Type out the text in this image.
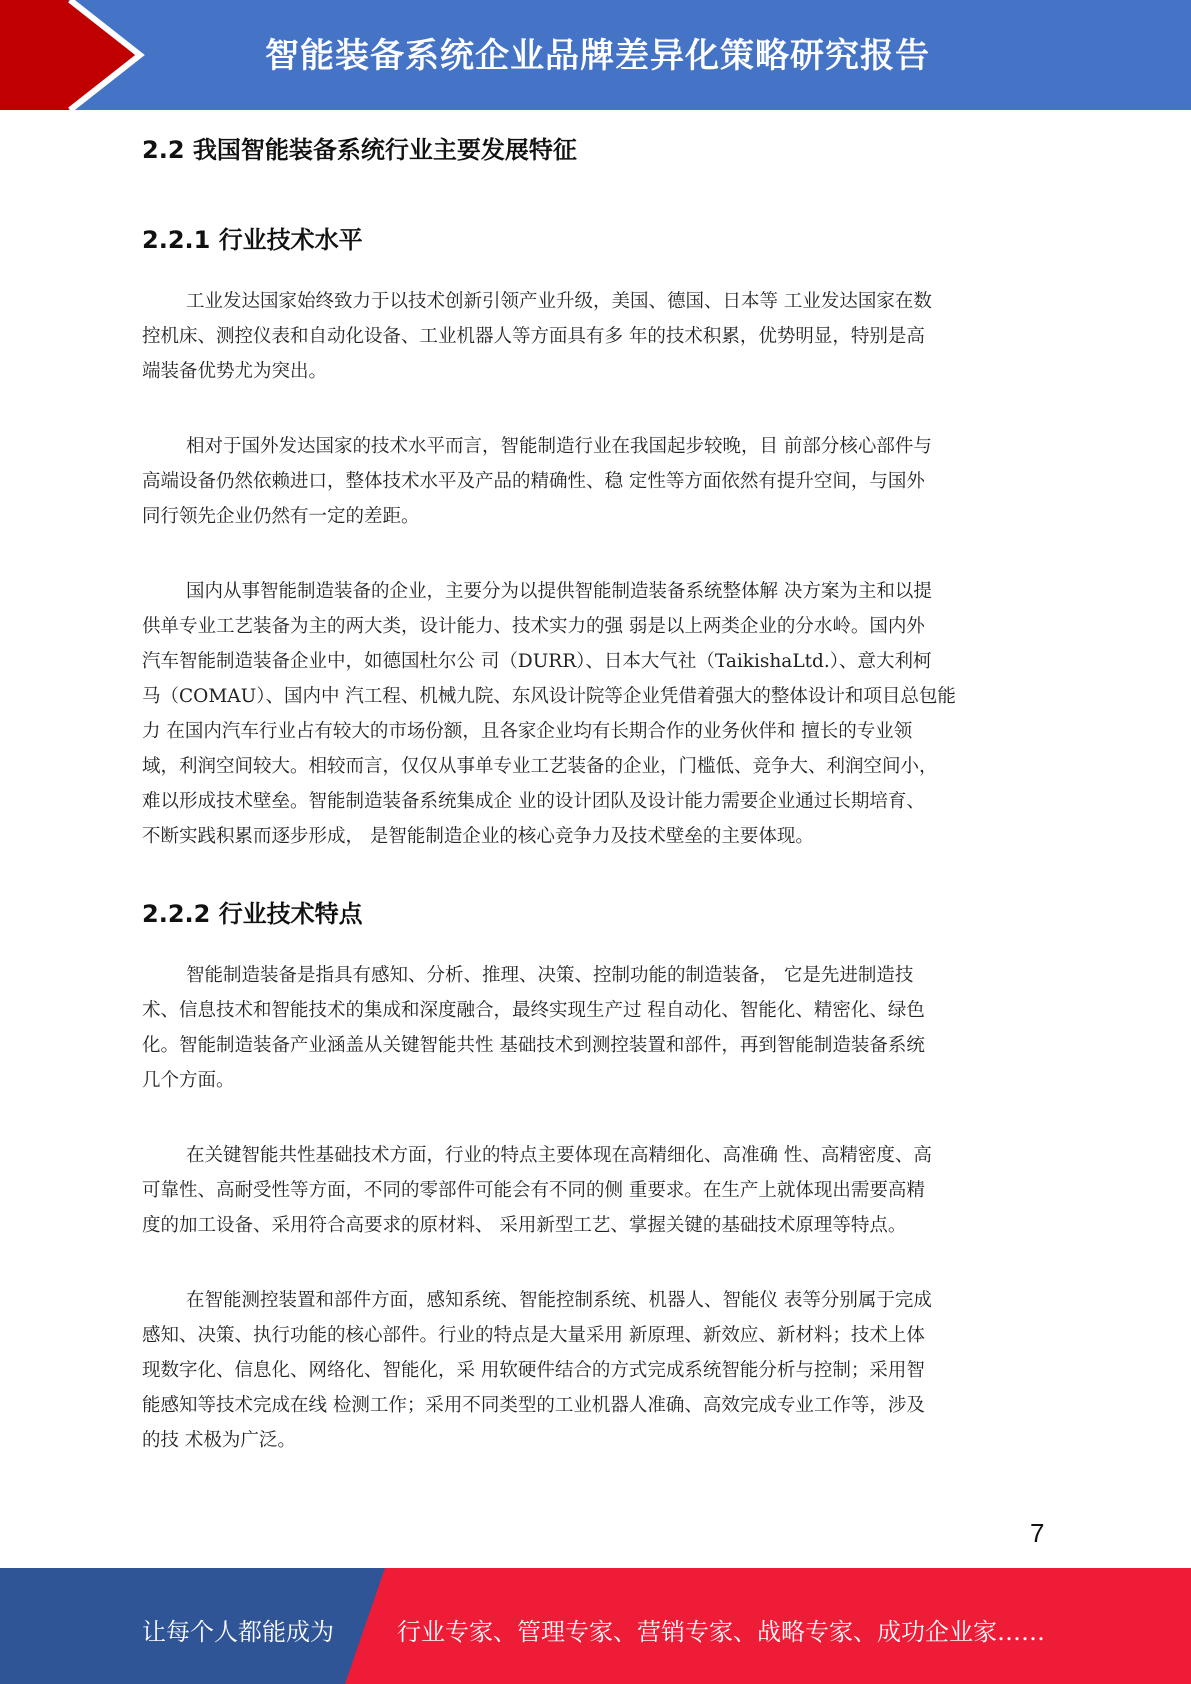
智能装备系统企业品牌差异化策略研究报告
2.2 我国智能装备系统行业主要发展特征
2.2.1 行业技术水平
工业发达国家始终致力于以技术创新引领产业升级，美国、德国、日本等 工业发达国家在数
控机床、测控仪表和自动化设备、工业机器人等方面具有多 年的技术积累，优势明显，特别是高
端装备优势尤为突出。
相对于国外发达国家的技术水平而言，智能制造行业在我国起步较晚，目 前部分核心部件与
高端设备仍然依赖进口，整体技术水平及产品的精确性、稳 定性等方面依然有提升空间，与国外
同行领先企业仍然有一定的差距。
国内从事智能制造装备的企业，主要分为以提供智能制造装备系统整体解 决方案为主和以提
供单专业工艺装备为主的两大类，设计能力、技术实力的强 弱是以上两类企业的分水岭。国内外
汽车智能制造装备企业中，如德国杜尔公 司（DURR）、日本大气社（TaikishaLtd.）、意大利柯
马（COMAU）、国内中 汽工程、机械九院、东风设计院等企业凭借着强大的整体设计和项目总包能
力 在国内汽车行业占有较大的市场份额，且各家企业均有长期合作的业务伙伴和 擅长的专业领
域，利润空间较大。相较而言，仅仅从事单专业工艺装备的企业，门槛低、竞争大、利润空间小，
难以形成技术壁垒。智能制造装备系统集成企 业的设计团队及设计能力需要企业通过长期培育、
不断实践积累而逐步形成， 是智能制造企业的核心竞争力及技术壁垒的主要体现。
2.2.2 行业技术特点
智能制造装备是指具有感知、分析、推理、决策、控制功能的制造装备， 它是先进制造技
术、信息技术和智能技术的集成和深度融合，最终实现生产过 程自动化、智能化、精密化、绿色
化。智能制造装备产业涵盖从关键智能共性 基础技术到测控装置和部件，再到智能制造装备系统
几个方面。
在关键智能共性基础技术方面，行业的特点主要体现在高精细化、高准确 性、高精密度、高
可靠性、高耐受性等方面，不同的零部件可能会有不同的侧 重要求。在生产上就体现出需要高精
度的加工设备、采用符合高要求的原材料、 采用新型工艺、掌握关键的基础技术原理等特点。
在智能测控装置和部件方面，感知系统、智能控制系统、机器人、智能仪 表等分别属于完成
感知、决策、执行功能的核心部件。行业的特点是大量采用 新原理、新效应、新材料；技术上体
现数字化、信息化、网络化、智能化，采 用软硬件结合的方式完成系统智能分析与控制；采用智
能感知等技术完成在线 检测工作；采用不同类型的工业机器人准确、高效完成专业工作等，涉及
的技 术极为广泛。
7
让每个人都能成为	行业专家、管理专家、营销专家、战略专家、成功企业家……
